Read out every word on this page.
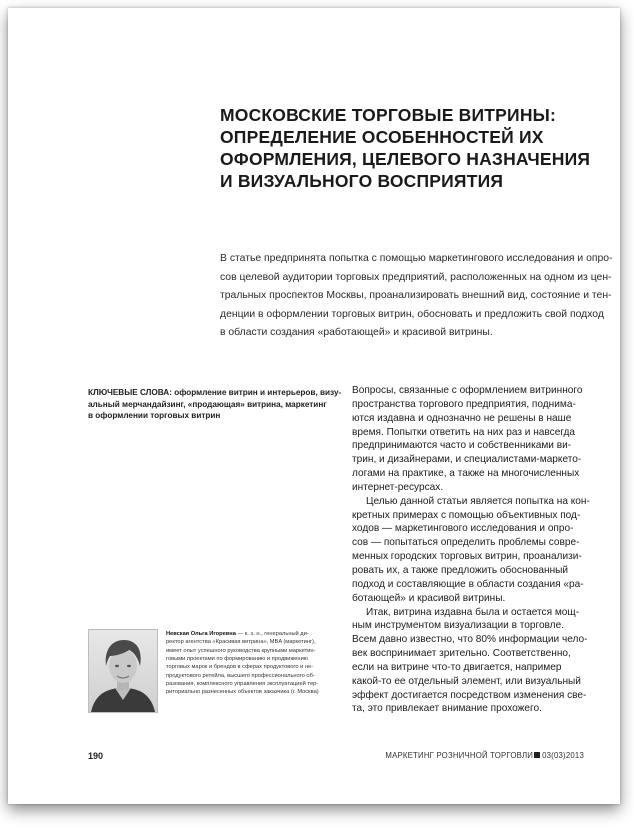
МОСКОВСКИЕ ТОРГОВЫЕ ВИТРИНЫ:
ОПРЕДЕЛЕНИЕ ОСОБЕННОСТЕЙ ИХ
ОФОРМЛЕНИЯ, ЦЕЛЕВОГО НАЗНАЧЕНИЯ
И ВИЗУАЛЬНОГО ВОСПРИЯТИЯ

В статье предпринята попытка с помощью маркетингового исследования и опро-
сов целевой аудитории торговых предприятий, расположенных на одном из цен-
тральных проспектов Москвы, проанализировать внешний вид, состояние и тен-
денции в оформлении торговых витрин, обосновать и предложить свой подход
в области создания «работающей» и красивой витрины.

КЛЮЧЕВЫЕ СЛОВА: оформление витрин и интерьеров, визу-
альный мерчандайзинг, «продающая» витрина, маркетинг
в оформлении торговых витрин

Вопросы, связанные с оформлением витринного
пространства торгового предприятия, поднима-
ются издавна и однозначно не решены в наше
время. Попытки ответить на них раз и навсегда
предпринимаются часто и собственниками ви-
трин, и дизайнерами, и специалистами-маркето-
логами на практике, а также на многочисленных
интернет-ресурсах.
Целью данной статьи является попытка на кон-
кретных примерах с помощью объективных под-
ходов — маркетингового исследования и опро-
сов — попытаться определить проблемы совре-
менных городских торговых витрин, проанализи-
ровать их, а также предложить обоснованный
подход и составляющие в области создания «ра-
ботающей» и красивой витрины.
Итак, витрина издавна была и остается мощ-
ным инструментом визуализации в торговле.
Всем давно известно, что 80% информации чело-
век воспринимает зрительно. Соответственно,
если на витрине что-то двигается, например
какой-то ее отдельный элемент, или визуальный
эффект достигается посредством изменения све-
та, это привлекает внимание прохожего.

Невская Ольга Игоревна — к. э. н., генеральный ди-
ректор агентства «Красивая витрина», MBA (маркетинг),
имеет опыт успешного руководства крупными маркетин-
говыми проектами по формированию и продвижению
торговых марок и брендов в сферах продуктового и не-
продуктового ретейла, высшего профессионального об-
разования, комплексного управления эксплуатацией тер-
риториально разнесенных объектов заказчика (г. Москва)

190	МАРКЕТИНГ РОЗНИЧНОЙ ТОРГОВЛИ 03(03)2013
